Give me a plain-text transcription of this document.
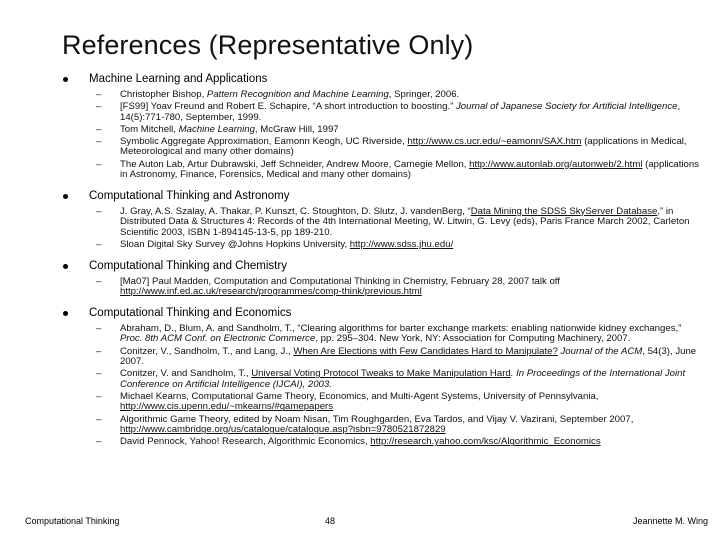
References (Representative Only)
Machine Learning and Applications
–	Christopher Bishop, Pattern Recognition and Machine Learning, Springer, 2006.
–	[FS99] Yoav Freund and Robert E. Schapire, “A short introduction to boosting.” Journal of Japanese Society for Artificial Intelligence, 14(5):771-780, September, 1999.
–	Tom Mitchell, Machine Learning, McGraw Hill, 1997
–	Symbolic Aggregate Approximation, Eamonn Keogh, UC Riverside, http://www.cs.ucr.edu/~eamonn/SAX.htm (applications in Medical, Meteorological and many other domains)
–	The Auton Lab, Artur Dubrawski, Jeff Schneider, Andrew Moore, Carnegie Mellon, http://www.autonlab.org/autonweb/2.html (applications in Astronomy, Finance, Forensics, Medical and many other domains)
Computational Thinking and Astronomy
–	J. Gray, A.S. Szalay, A. Thakar, P. Kunszt, C. Stoughton, D. Slutz, J. vandenBerg, “Data Mining the SDSS SkyServer Database,” in Distributed Data & Structures 4: Records of the 4th International Meeting, W. Litwin, G. Levy (eds), Paris France March 2002, Carleton Scientific 2003, ISBN 1-894145-13-5, pp 189-210.
–	Sloan Digital Sky Survey @Johns Hopkins University, http://www.sdss.jhu.edu/
Computational Thinking and Chemistry
–	[Ma07] Paul Madden, Computation and Computational Thinking in Chemistry, February 28, 2007 talk off http://www.inf.ed.ac.uk/research/programmes/comp-think/previous.html
Computational Thinking and Economics
–	Abraham, D., Blum, A. and Sandholm, T., “Clearing algorithms for barter exchange markets: enabling nationwide kidney exchanges,” Proc. 8th ACM Conf. on Electronic Commerce, pp. 295–304. New York, NY: Association for Computing Machinery, 2007.
–	Conitzer, V., Sandholm, T., and Lang, J., When Are Elections with Few Candidates Hard to Manipulate? Journal of the ACM, 54(3), June 2007.
–	Conitzer, V. and Sandholm, T., Universal Voting Protocol Tweaks to Make Manipulation Hard. In Proceedings of the International Joint Conference on Artificial Intelligence (IJCAI), 2003.
–	Michael Kearns, Computational Game Theory, Economics, and Multi-Agent Systems, University of Pennsylvania, http://www.cis.upenn.edu/~mkearns/#gamepapers
–	Algorithmic Game Theory, edited by Noam Nisan, Tim Roughgarden, Eva Tardos, and Vijay V. Vazirani, September 2007, http://www.cambridge.org/us/catalogue/catalogue.asp?isbn=9780521872829
–	David Pennock, Yahoo! Research, Algorithmic Economics, http://research.yahoo.com/ksc/Algorithmic_Economics
Computational Thinking	48	Jeannette M. Wing
